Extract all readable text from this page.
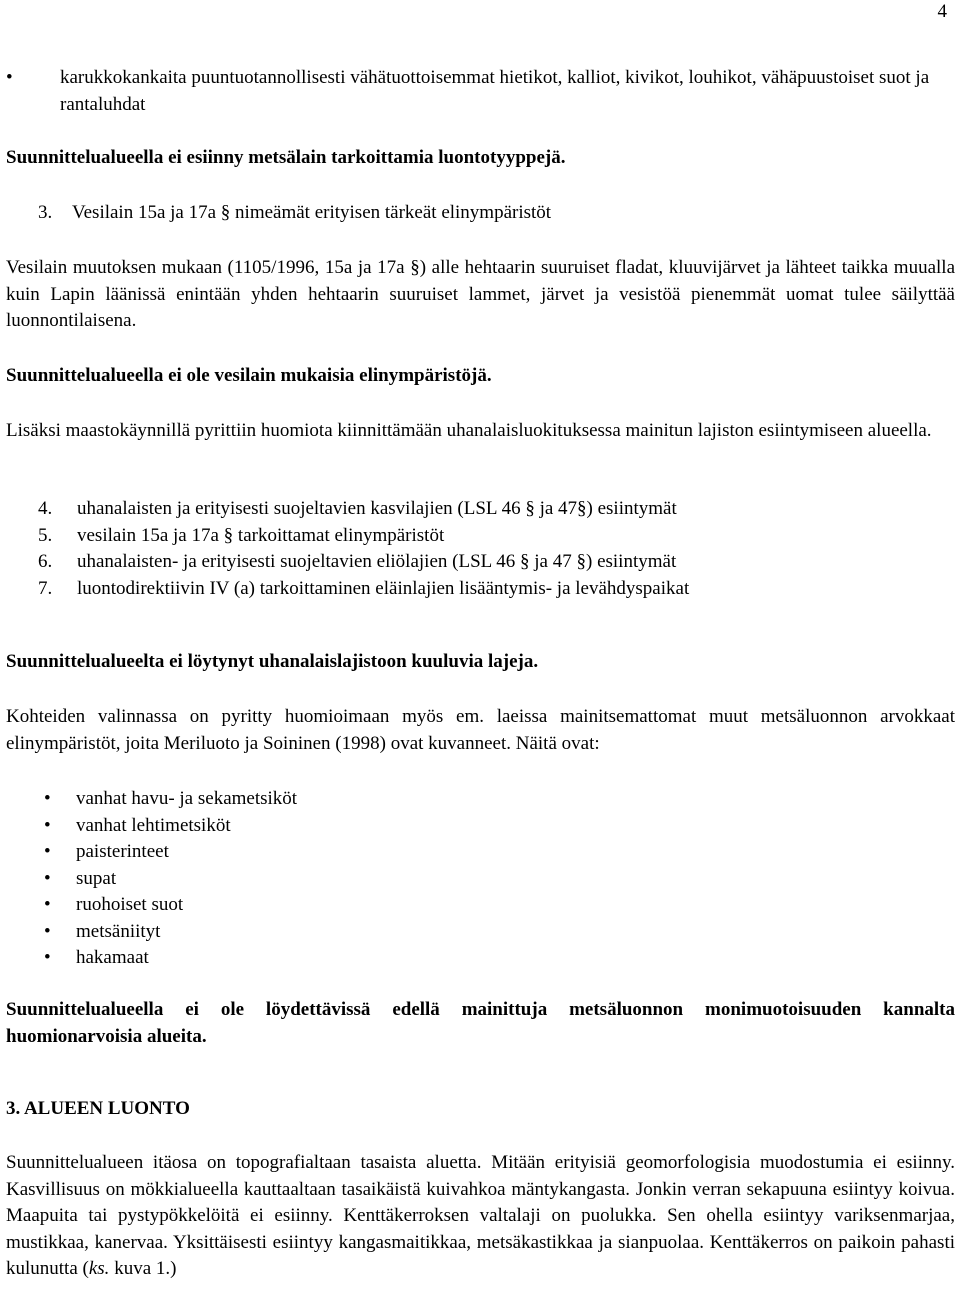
4
• karukkokankaita puuntuotannollisesti vähätuottoisemmat hietikot, kalliot, kivikot, louhikot, vähäpuustoiset suot ja rantaluhdat

Suunnittelualueella ei esiinny metsälain tarkoittamia luontotyyppejä.

3. Vesilain 15a ja 17a § nimeämät erityisen tärkeät elinympäristöt

Vesilain muutoksen mukaan (1105/1996, 15a ja 17a §) alle hehtaarin suuruiset fladat, kluuvijärvet ja lähteet taikka muualla kuin Lapin läänissä enintään yhden hehtaarin suuruiset lammet, järvet ja vesistöä pienemmät uomat tulee säilyttää luonnontilaisena.

Suunnittelualueella ei ole vesilain mukaisia elinympäristöjä.

Lisäksi maastokäynnillä pyrittiin huomiota kiinnittämään uhanalaisluokituksessa mainitun lajiston esiintymiseen alueella.

4. uhanalaisten ja erityisesti suojeltavien kasvilajien (LSL 46 § ja 47§) esiintymät
5. vesilain 15a ja 17a § tarkoittamat elinympäristöt
6. uhanalaisten- ja erityisesti suojeltavien eliölajien (LSL 46 § ja 47 §) esiintymät
7. luontodirektiivin IV (a) tarkoittaminen eläinlajien lisääntymis- ja levähdyspaikat

Suunnittelualueelta ei löytynyt uhanalaislajistoon kuuluvia lajeja.

Kohteiden valinnassa on pyritty huomioimaan myös em. laeissa mainitsemattomat muut metsäluonnon arvokkaat elinympäristöt, joita Meriluoto ja Soininen (1998) ovat kuvanneet. Näitä ovat:

• vanhat havu- ja sekametsiköt
• vanhat lehtimetsiköt
• paisterinteet
• supat
• ruohoiset suot
• metsäniityt
• hakamaat

Suunnittelualueella ei ole löydettävissä edellä mainittuja metsäluonnon monimuotoisuuden kannalta huomionarvoisia alueita.

3. ALUEEN LUONTO

Suunnittelualueen itäosa on topografialtaan tasaista aluetta. Mitään erityisiä geomorfologisia muodostumia ei esiinny. Kasvillisuus on mökkialueella kauttaaltaan tasaikäistä kuivahkoa mäntykangasta. Jonkin verran sekapuuna esiintyy koivua. Maapuita tai pystypökkelöitä ei esiinny. Kenttäkerroksen valtalaji on puolukka. Sen ohella esiintyy variksenmarjaa, mustikkaa, kanervaa. Yksittäisesti esiintyy kangasmaitikkaa, metsäkastikkaa ja sianpuolaa. Kenttäkerros on paikoin pahasti kulunutta (ks. kuva 1.)
